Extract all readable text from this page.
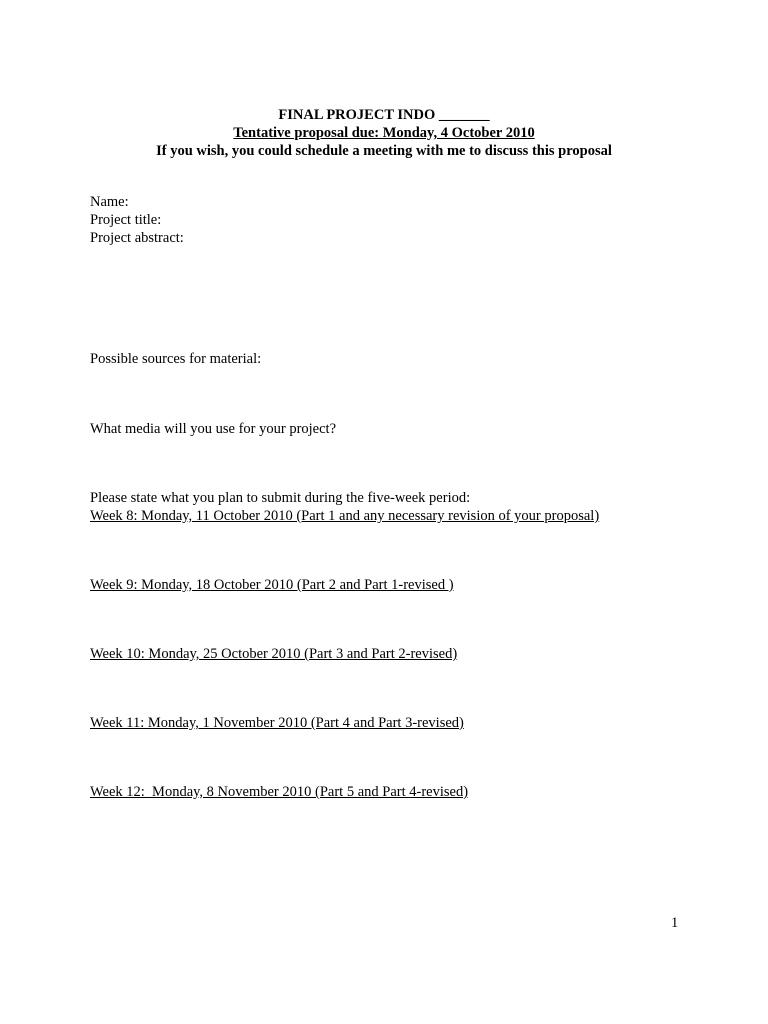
FINAL PROJECT INDO _______
Tentative proposal due: Monday, 4 October 2010
If you wish, you could schedule a meeting with me to discuss this proposal
Name:
Project title:
Project abstract:
Possible sources for material:
What media will you use for your project?
Please state what you plan to submit during the five-week period:
Week 8: Monday, 11 October 2010 (Part 1 and any necessary revision of your proposal)
Week 9: Monday, 18 October 2010 (Part 2 and Part 1-revised )
Week 10: Monday, 25 October 2010 (Part 3 and Part 2-revised)
Week 11: Monday, 1 November 2010 (Part 4 and Part 3-revised)
Week 12:  Monday, 8 November 2010 (Part 5 and Part 4-revised)
1
